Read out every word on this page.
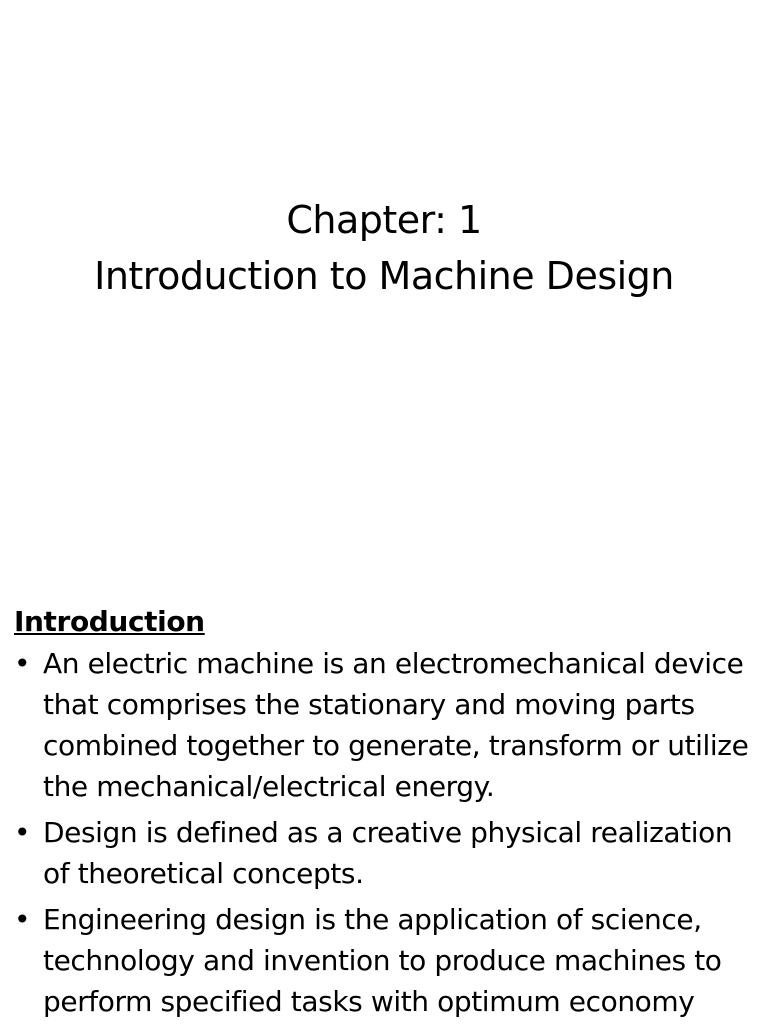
Chapter: 1
Introduction to Machine Design
Introduction
• An electric machine is an electromechanical device that comprises the stationary and moving parts combined together to generate, transform or utilize the mechanical/electrical energy.
• Design is defined as a creative physical realization of theoretical concepts.
• Engineering design is the application of science, technology and invention to produce machines to perform specified tasks with optimum economy
